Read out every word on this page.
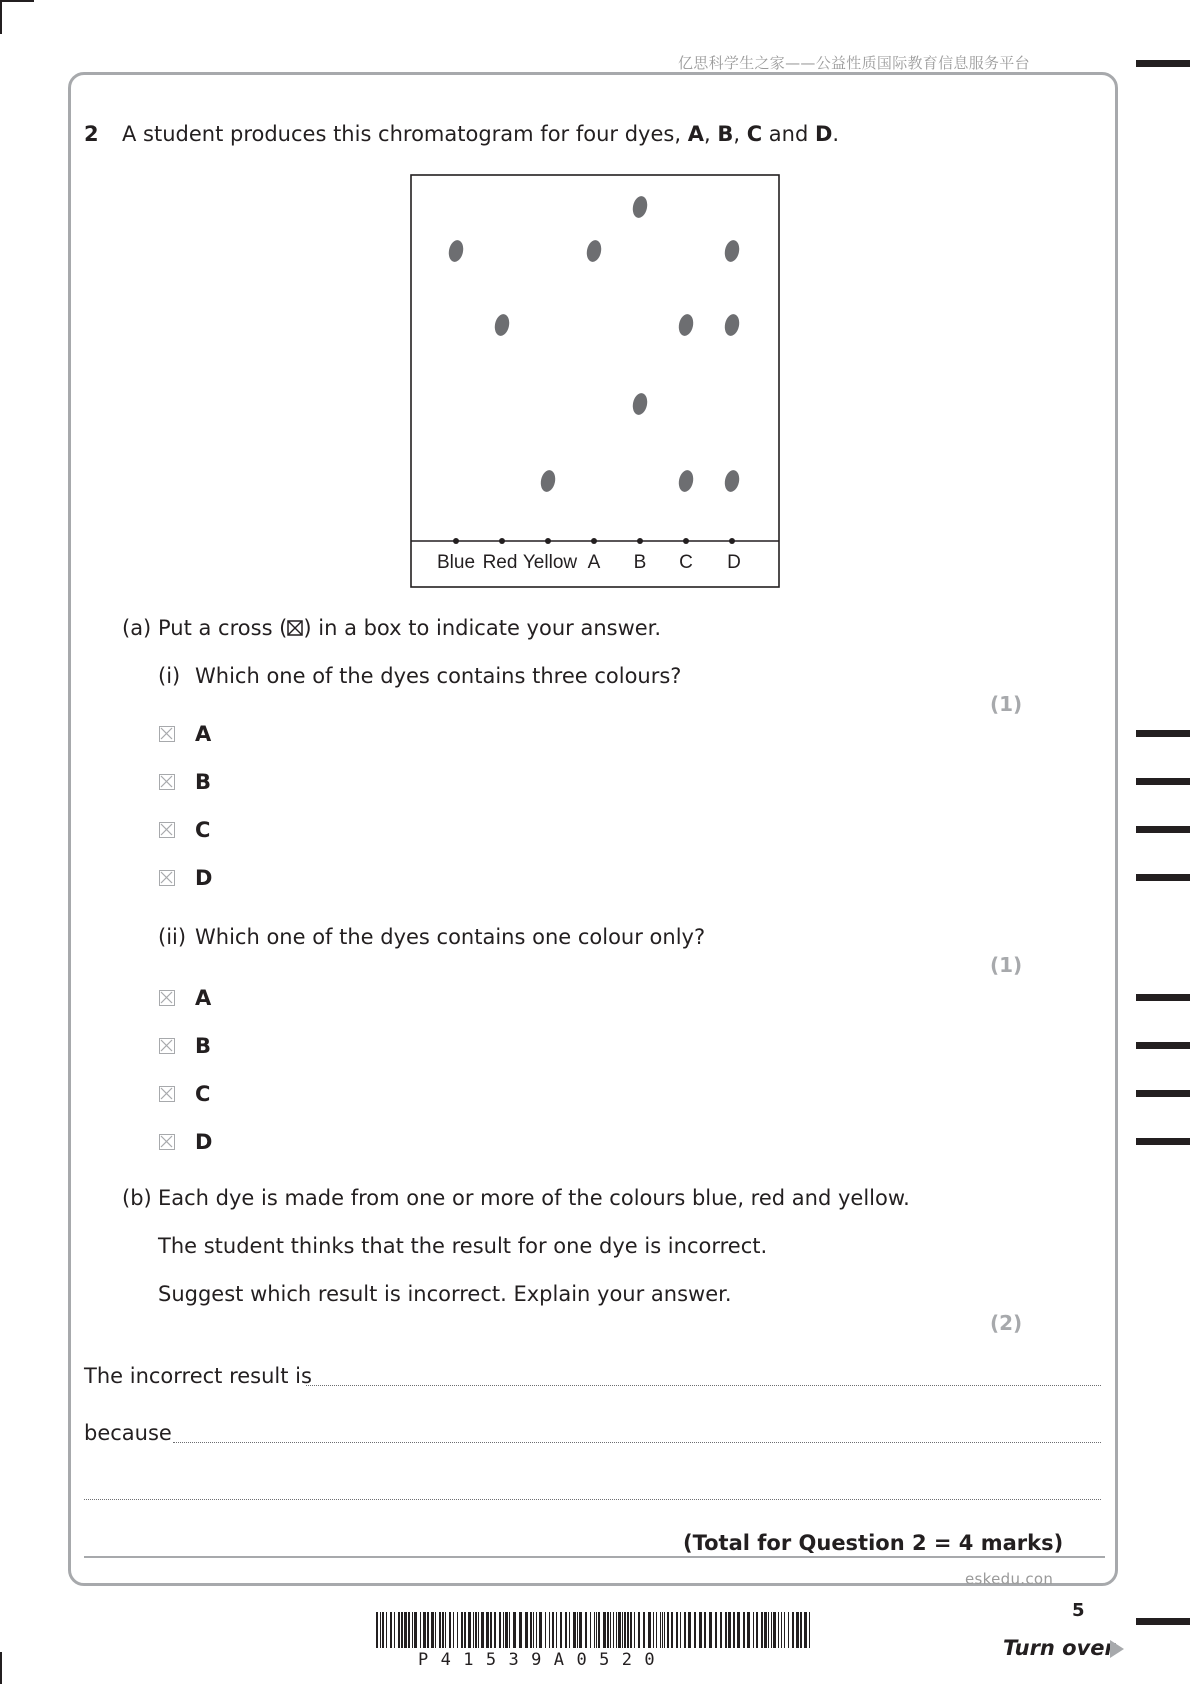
亿思科学生之家——公益性质国际教育信息服务平台
2 A student produces this chromatogram for four dyes, A, B, C and D.
Blue Red Yellow A B C D
(a) Put a cross (☒) in a box to indicate your answer.
(i) Which one of the dyes contains three colours?
(1)
A
B
C
D
(ii) Which one of the dyes contains one colour only?
(1)
A
B
C
D
(b) Each dye is made from one or more of the colours blue, red and yellow.
The student thinks that the result for one dye is incorrect.
Suggest which result is incorrect. Explain your answer.
(2)
The incorrect result is
because
(Total for Question 2 = 4 marks)
eskedu.con
P41539A0520
5
Turn over
